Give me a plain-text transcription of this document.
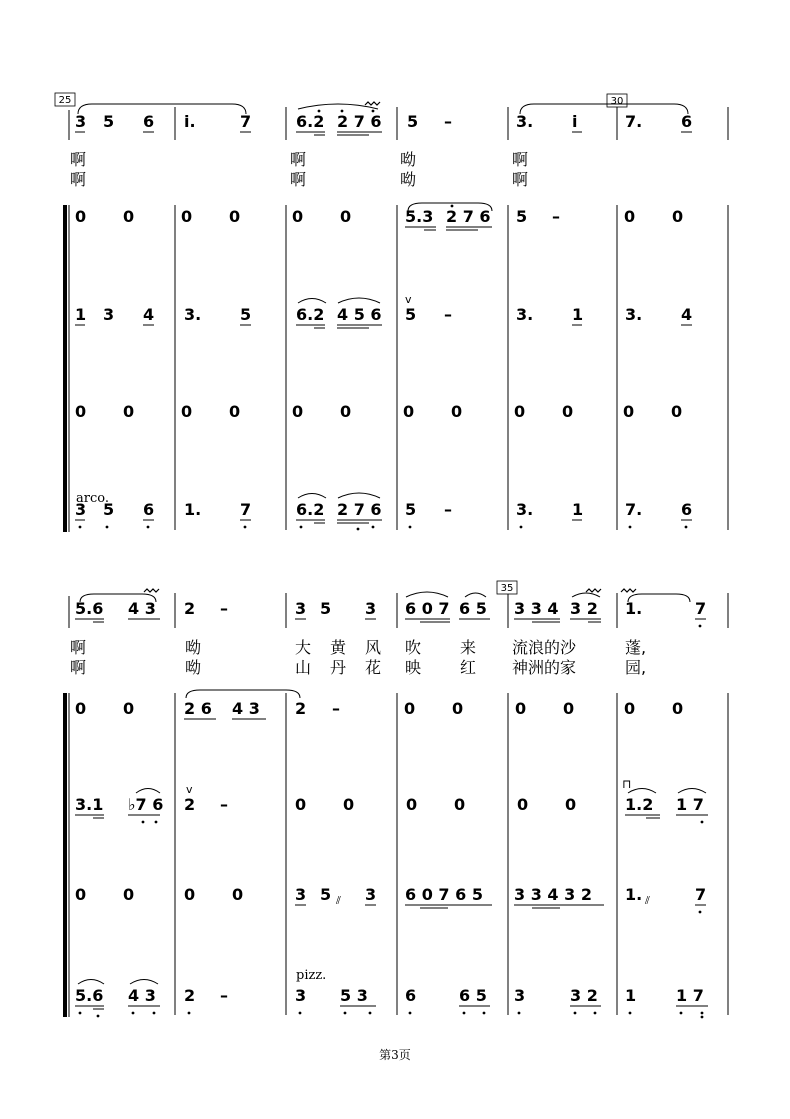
25	30
3 5 6 i.	7	6.2 2 7 6 5 –	3. i	7. 6
啊	啊	呦	啊
啊	啊	呦	啊
0 0	0 0	0 0	5.3 2 7 6 5 –	0 0
1 3 4 3. 5	6.2 4 5 6
v
5 –	3. 1	3. 4
0 0	0 0	0 0	0 0	0 0	0 0
arco.
3 5 6 1. 7	6.2 2 7 6 5 –	3. 1	7. 6
35
5.6 4 3 2 –	3 5 3 6 0 7 6 5 3 3 4 3 2 1.	7
啊	呦	大 黄 风 吹 来 流浪的沙	蓬,
啊	呦	山 丹 花 映 红 神洲的家	园,
0 0	2 6 4 3 2 –	0 0	0 0	0 0
3.1 ♭7 6
v
2 –	0 0	0 0	0 0
⊓
1.2 1 7
0 0	0 0	3 5 3
⫽	6 0 7 6 5 3 3 4 3 2 1. ⫽	7
5.6 4 3 2 –
pizz.
3 5 3 6	6 5 3	3 2 1 1 7
第3页
